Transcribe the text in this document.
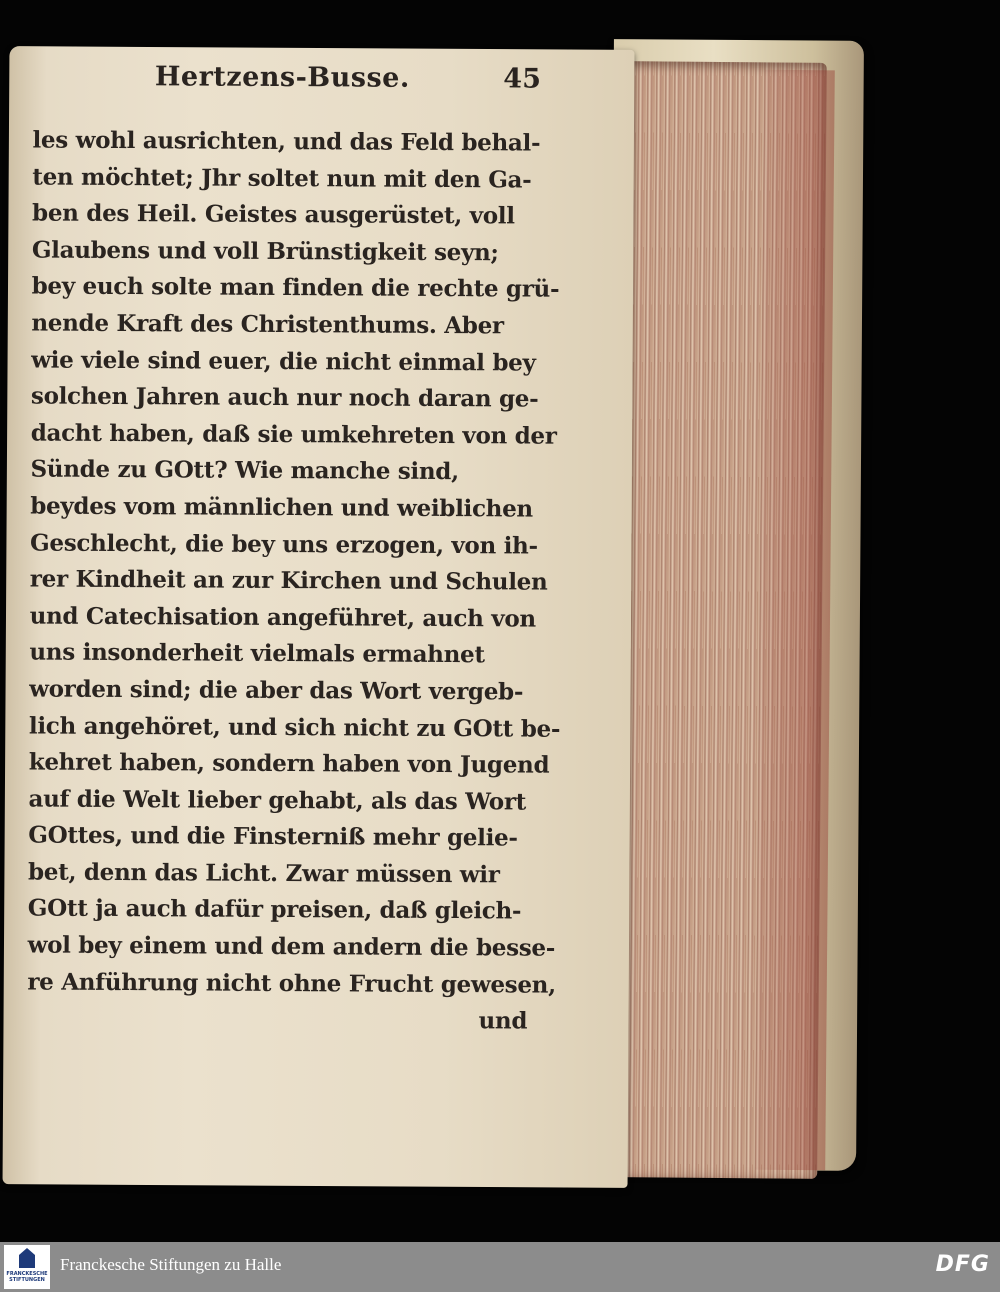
Hertzens-Busse.	45
les wohl ausrichten, und das Feld behal-
ten möchtet; Jhr soltet nun mit den Ga-
ben des Heil. Geistes ausgerüstet, voll
Glaubens und voll Brünstigkeit seyn;
bey euch solte man finden die rechte grü-
nende Kraft des Christenthums. Aber
wie viele sind euer, die nicht einmal bey
solchen Jahren auch nur noch daran ge-
dacht haben, daß sie umkehreten von der
Sünde zu GOtt? Wie manche sind,
beydes vom männlichen und weiblichen
Geschlecht, die bey uns erzogen, von ih-
rer Kindheit an zur Kirchen und Schulen
und Catechisation angeführet, auch von
uns insonderheit vielmals ermahnet
worden sind; die aber das Wort vergeb-
lich angehöret, und sich nicht zu GOtt be-
kehret haben, sondern haben von Jugend
auf die Welt lieber gehabt, als das Wort
GOttes, und die Finsterniß mehr gelie-
bet, denn das Licht. Zwar müssen wir
GOtt ja auch dafür preisen, daß gleich-
wol bey einem und dem andern die besse-
re Anführung nicht ohne Frucht gewesen,
und
FRANCKESCHE STIFTUNGEN
Franckesche Stiftungen zu Halle	DFG
